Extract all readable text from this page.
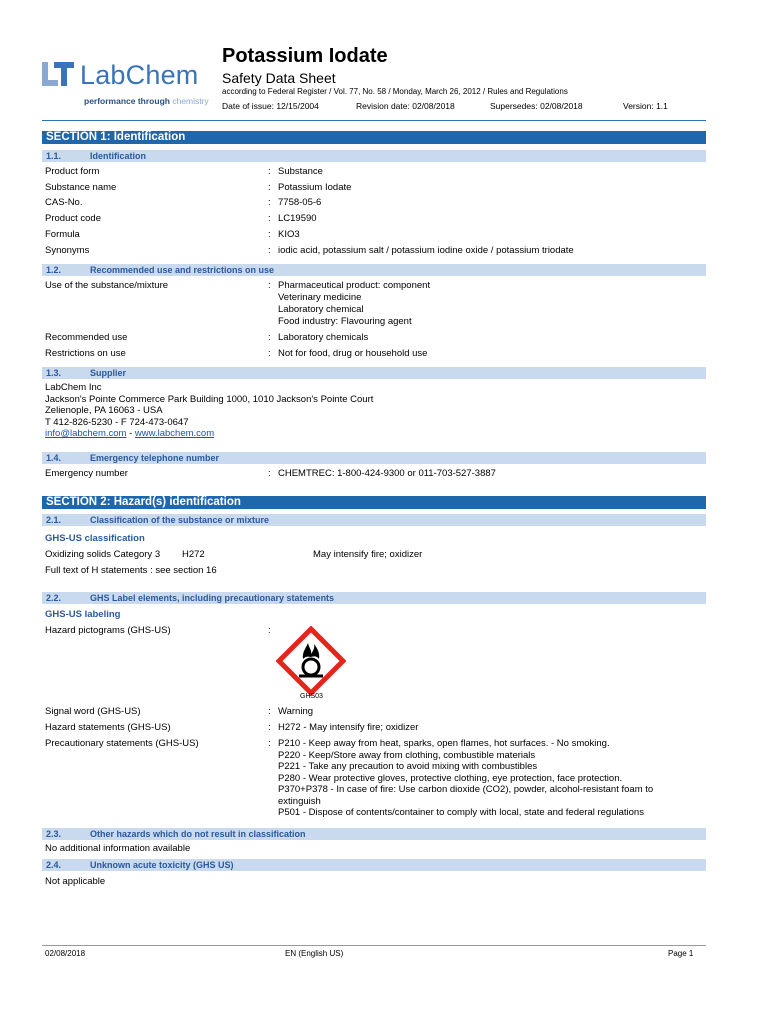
LabChem
performance through chemistry
Potassium Iodate
Safety Data Sheet
according to Federal Register / Vol. 77, No. 58 / Monday, March 26, 2012 / Rules and Regulations
Date of issue: 12/15/2004	Revision date: 02/08/2018	Supersedes: 02/08/2018	Version: 1.1
SECTION 1: Identification
1.1.	Identification
Product form	: Substance
Substance name	: Potassium Iodate
CAS-No.	: 7758-05-6
Product code	: LC19590
Formula	: KIO3
Synonyms	: iodic acid, potassium salt / potassium iodine oxide / potassium triodate
1.2.	Recommended use and restrictions on use
Use of the substance/mixture	: Pharmaceutical product: component
Veterinary medicine
Laboratory chemical
Food industry: Flavouring agent
Recommended use	: Laboratory chemicals
Restrictions on use	: Not for food, drug or household use
1.3.	Supplier
LabChem Inc
Jackson's Pointe Commerce Park Building 1000, 1010 Jackson's Pointe Court
Zelienople, PA 16063 - USA
T 412-826-5230 - F 724-473-0647
info@labchem.com - www.labchem.com
1.4.	Emergency telephone number
Emergency number	: CHEMTREC: 1-800-424-9300 or 011-703-527-3887
SECTION 2: Hazard(s) identification
2.1.	Classification of the substance or mixture
GHS-US classification
Oxidizing solids Category 3 H272	May intensify fire; oxidizer
Full text of H statements : see section 16
2.2.	GHS Label elements, including precautionary statements
GHS-US labeling
Hazard pictograms (GHS-US)	:
GHS03
Signal word (GHS-US)	: Warning
Hazard statements (GHS-US)	: H272 - May intensify fire; oxidizer
Precautionary statements (GHS-US)	: P210 - Keep away from heat, sparks, open flames, hot surfaces. - No smoking.
P220 - Keep/Store away from clothing, combustible materials
P221 - Take any precaution to avoid mixing with combustibles
P280 - Wear protective gloves, protective clothing, eye protection, face protection.
P370+P378 - In case of fire: Use carbon dioxide (CO2), powder, alcohol-resistant foam to
extinguish
P501 - Dispose of contents/container to comply with local, state and federal regulations
2.3.	Other hazards which do not result in classification
No additional information available
2.4.	Unknown acute toxicity (GHS US)
Not applicable
02/08/2018	EN (English US)	Page 1
